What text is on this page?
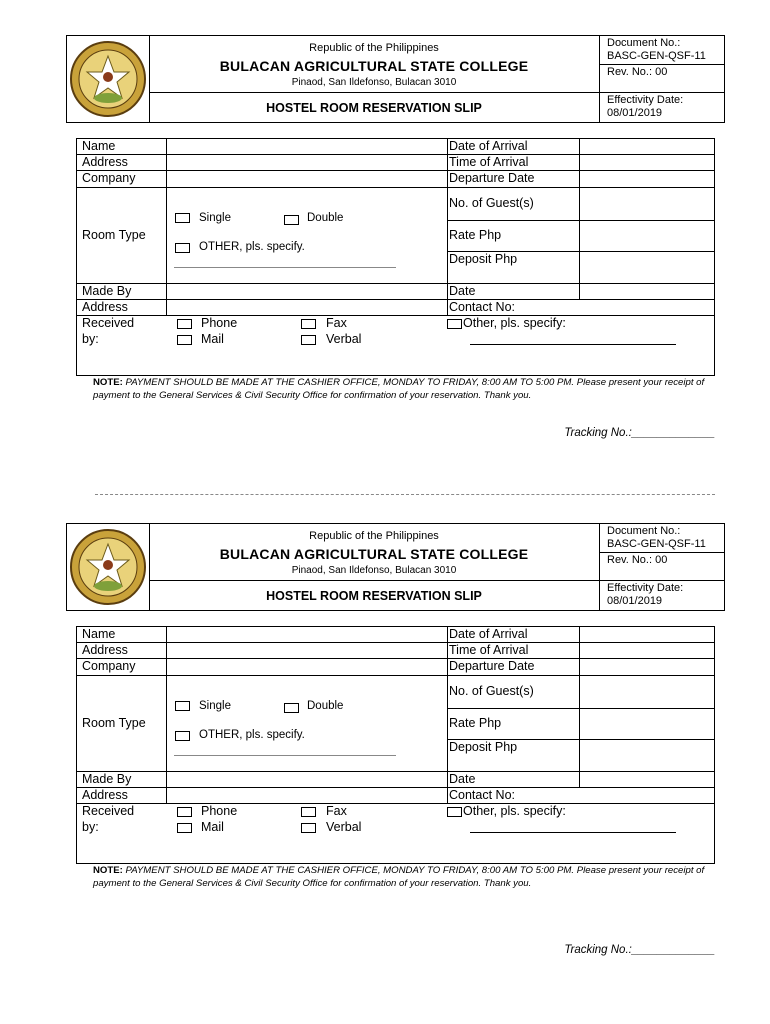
Republic of the Philippines
BULACAN AGRICULTURAL STATE COLLEGE
Pinaod, San Ildefonso, Bulacan 3010
HOSTEL ROOM RESERVATION SLIP
Document No.:
BASC-GEN-QSF-11
Rev. No.: 00
Effectivity Date: 08/01/2019
Name
Address
Company
Date of Arrival
Time of Arrival
Departure Date
Room Type
Single	Double
OTHER, pls. specify.
No. of Guest(s)
Rate Php
Deposit Php
Made By
Address
Date
Contact No:
Received
by:
Phone
Mail
Fax
Verbal
Other, pls. specify:
NOTE: PAYMENT SHOULD BE MADE AT THE CASHIER OFFICE, MONDAY TO FRIDAY, 8:00 AM TO 5:00 PM. Please present your receipt of payment to the General Services & Civil Security Office for confirmation of your reservation. Thank you.
Tracking No.:_____________
Republic of the Philippines
BULACAN AGRICULTURAL STATE COLLEGE
Pinaod, San Ildefonso, Bulacan 3010
HOSTEL ROOM RESERVATION SLIP
Document No.:
BASC-GEN-QSF-11
Rev. No.: 00
Effectivity Date: 08/01/2019
Name
Address
Company
Date of Arrival
Time of Arrival
Departure Date
Room Type
Single	Double
OTHER, pls. specify.
No. of Guest(s)
Rate Php
Deposit Php
Made By
Address
Date
Contact No:
Received
by:
Phone
Mail
Fax
Verbal
Other, pls. specify:
NOTE: PAYMENT SHOULD BE MADE AT THE CASHIER OFFICE, MONDAY TO FRIDAY, 8:00 AM TO 5:00 PM. Please present your receipt of payment to the General Services & Civil Security Office for confirmation of your reservation. Thank you.
Tracking No.:_____________
